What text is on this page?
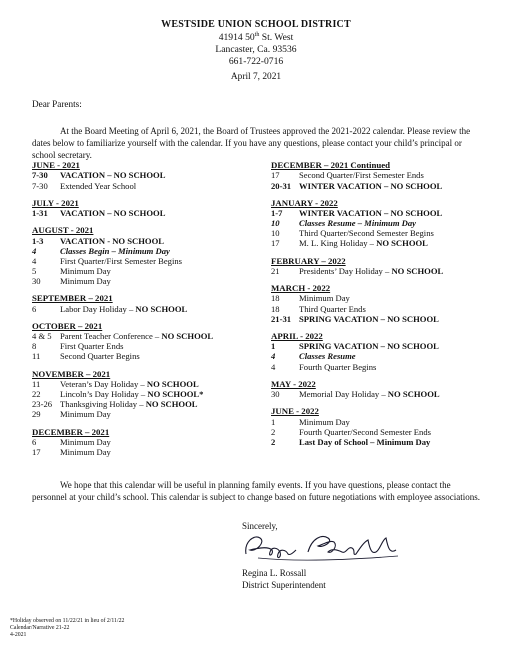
WESTSIDE UNION SCHOOL DISTRICT
41914 50th St. West
Lancaster, Ca. 93536
661-722-0716
April 7, 2021
Dear Parents:
At the Board Meeting of April 6, 2021, the Board of Trustees approved the 2021-2022 calendar. Please review the dates below to familiarize yourself with the calendar. If you have any questions, please contact your child’s principal or school secretary.
JUNE - 2021
7-30	VACATION – NO SCHOOL
7-30	Extended Year School
JULY - 2021
1-31	VACATION – NO SCHOOL
AUGUST - 2021
1-3	VACATION - NO SCHOOL
4	Classes Begin – Minimum Day
4	First Quarter/First Semester Begins
5	Minimum Day
30	Minimum Day
SEPTEMBER – 2021
6	Labor Day Holiday – NO SCHOOL
OCTOBER – 2021
4 & 5 Parent Teacher Conference – NO SCHOOL
8	First Quarter Ends
11	Second Quarter Begins
NOVEMBER – 2021
11	Veteran’s Day Holiday – NO SCHOOL
22	Lincoln’s Day Holiday – NO SCHOOL*
23-26 Thanksgiving Holiday – NO SCHOOL
29	Minimum Day
DECEMBER – 2021
6	Minimum Day
17	Minimum Day
DECEMBER – 2021 Continued
17	Second Quarter/First Semester Ends
20-31 WINTER VACATION – NO SCHOOL
JANUARY - 2022
1-7	WINTER VACATION – NO SCHOOL
10	Classes Resume – Minimum Day
10	Third Quarter/Second Semester Begins
17	M. L. King Holiday – NO SCHOOL
FEBRUARY – 2022
21	Presidents’ Day Holiday – NO SCHOOL
MARCH - 2022
18	Minimum Day
18	Third Quarter Ends
21-31 SPRING VACATION – NO SCHOOL
APRIL - 2022
1	SPRING VACATION – NO SCHOOL
4	Classes Resume
4	Fourth Quarter Begins
MAY - 2022
30	Memorial Day Holiday – NO SCHOOL
JUNE - 2022
1	Minimum Day
2	Fourth Quarter/Second Semester Ends
2	Last Day of School – Minimum Day
We hope that this calendar will be useful in planning family events. If you have questions, please contact the personnel at your child’s school. This calendar is subject to change based on future negotiations with employee associations.
Sincerely,
Regina L. Rossall
District Superintendent
*Holiday observed on 11/22/21 in lieu of 2/11/22
Calendar/Narrative 21-22
4-2021
